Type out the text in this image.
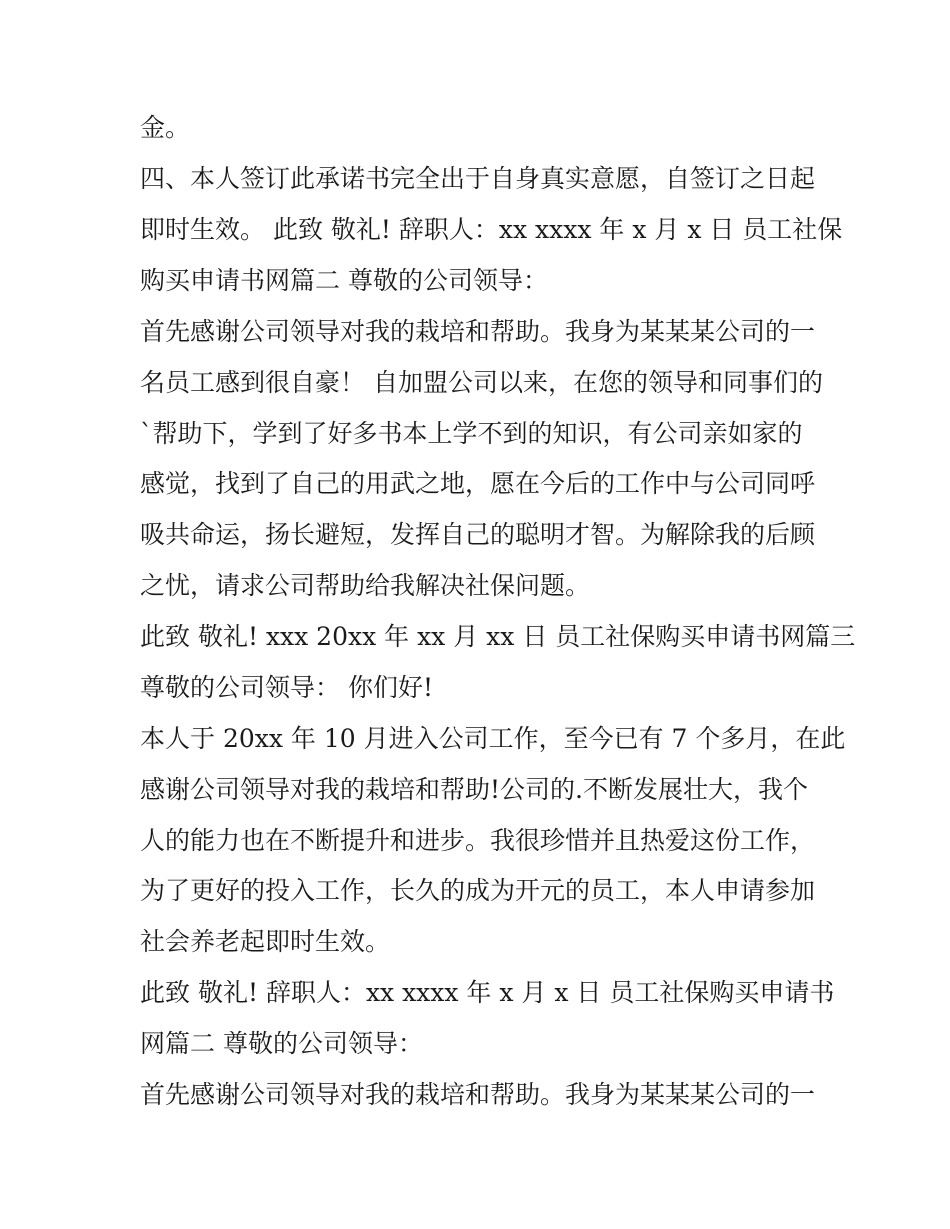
金。

四、本人签订此承诺书完全出于自身真实意愿，自签订之日起

即时生效。 此致 敬礼! 辞职人：xx xxxx 年 x 月 x 日 员工社保

购买申请书网篇二 尊敬的公司领导：

首先感谢公司领导对我的栽培和帮助。我身为某某某公司的一

名员工感到很自豪！ 自加盟公司以来，在您的领导和同事们的

`帮助下，学到了好多书本上学不到的知识，有公司亲如家的

感觉，找到了自己的用武之地，愿在今后的工作中与公司同呼

吸共命运，扬长避短，发挥自己的聪明才智。为解除我的后顾

之忧，请求公司帮助给我解决社保问题。

此致 敬礼! xxx 20xx 年 xx 月 xx 日 员工社保购买申请书网篇三

尊敬的公司领导： 你们好!

本人于 20xx 年 10 月进入公司工作，至今已有 7 个多月，在此

感谢公司领导对我的栽培和帮助!公司的.不断发展壮大，我个

人的能力也在不断提升和进步。我很珍惜并且热爱这份工作，

为了更好的投入工作，长久的成为开元的员工，本人申请参加

社会养老起即时生效。

此致 敬礼! 辞职人：xx xxxx 年 x 月 x 日 员工社保购买申请书

网篇二 尊敬的公司领导：

首先感谢公司领导对我的栽培和帮助。我身为某某某公司的一
